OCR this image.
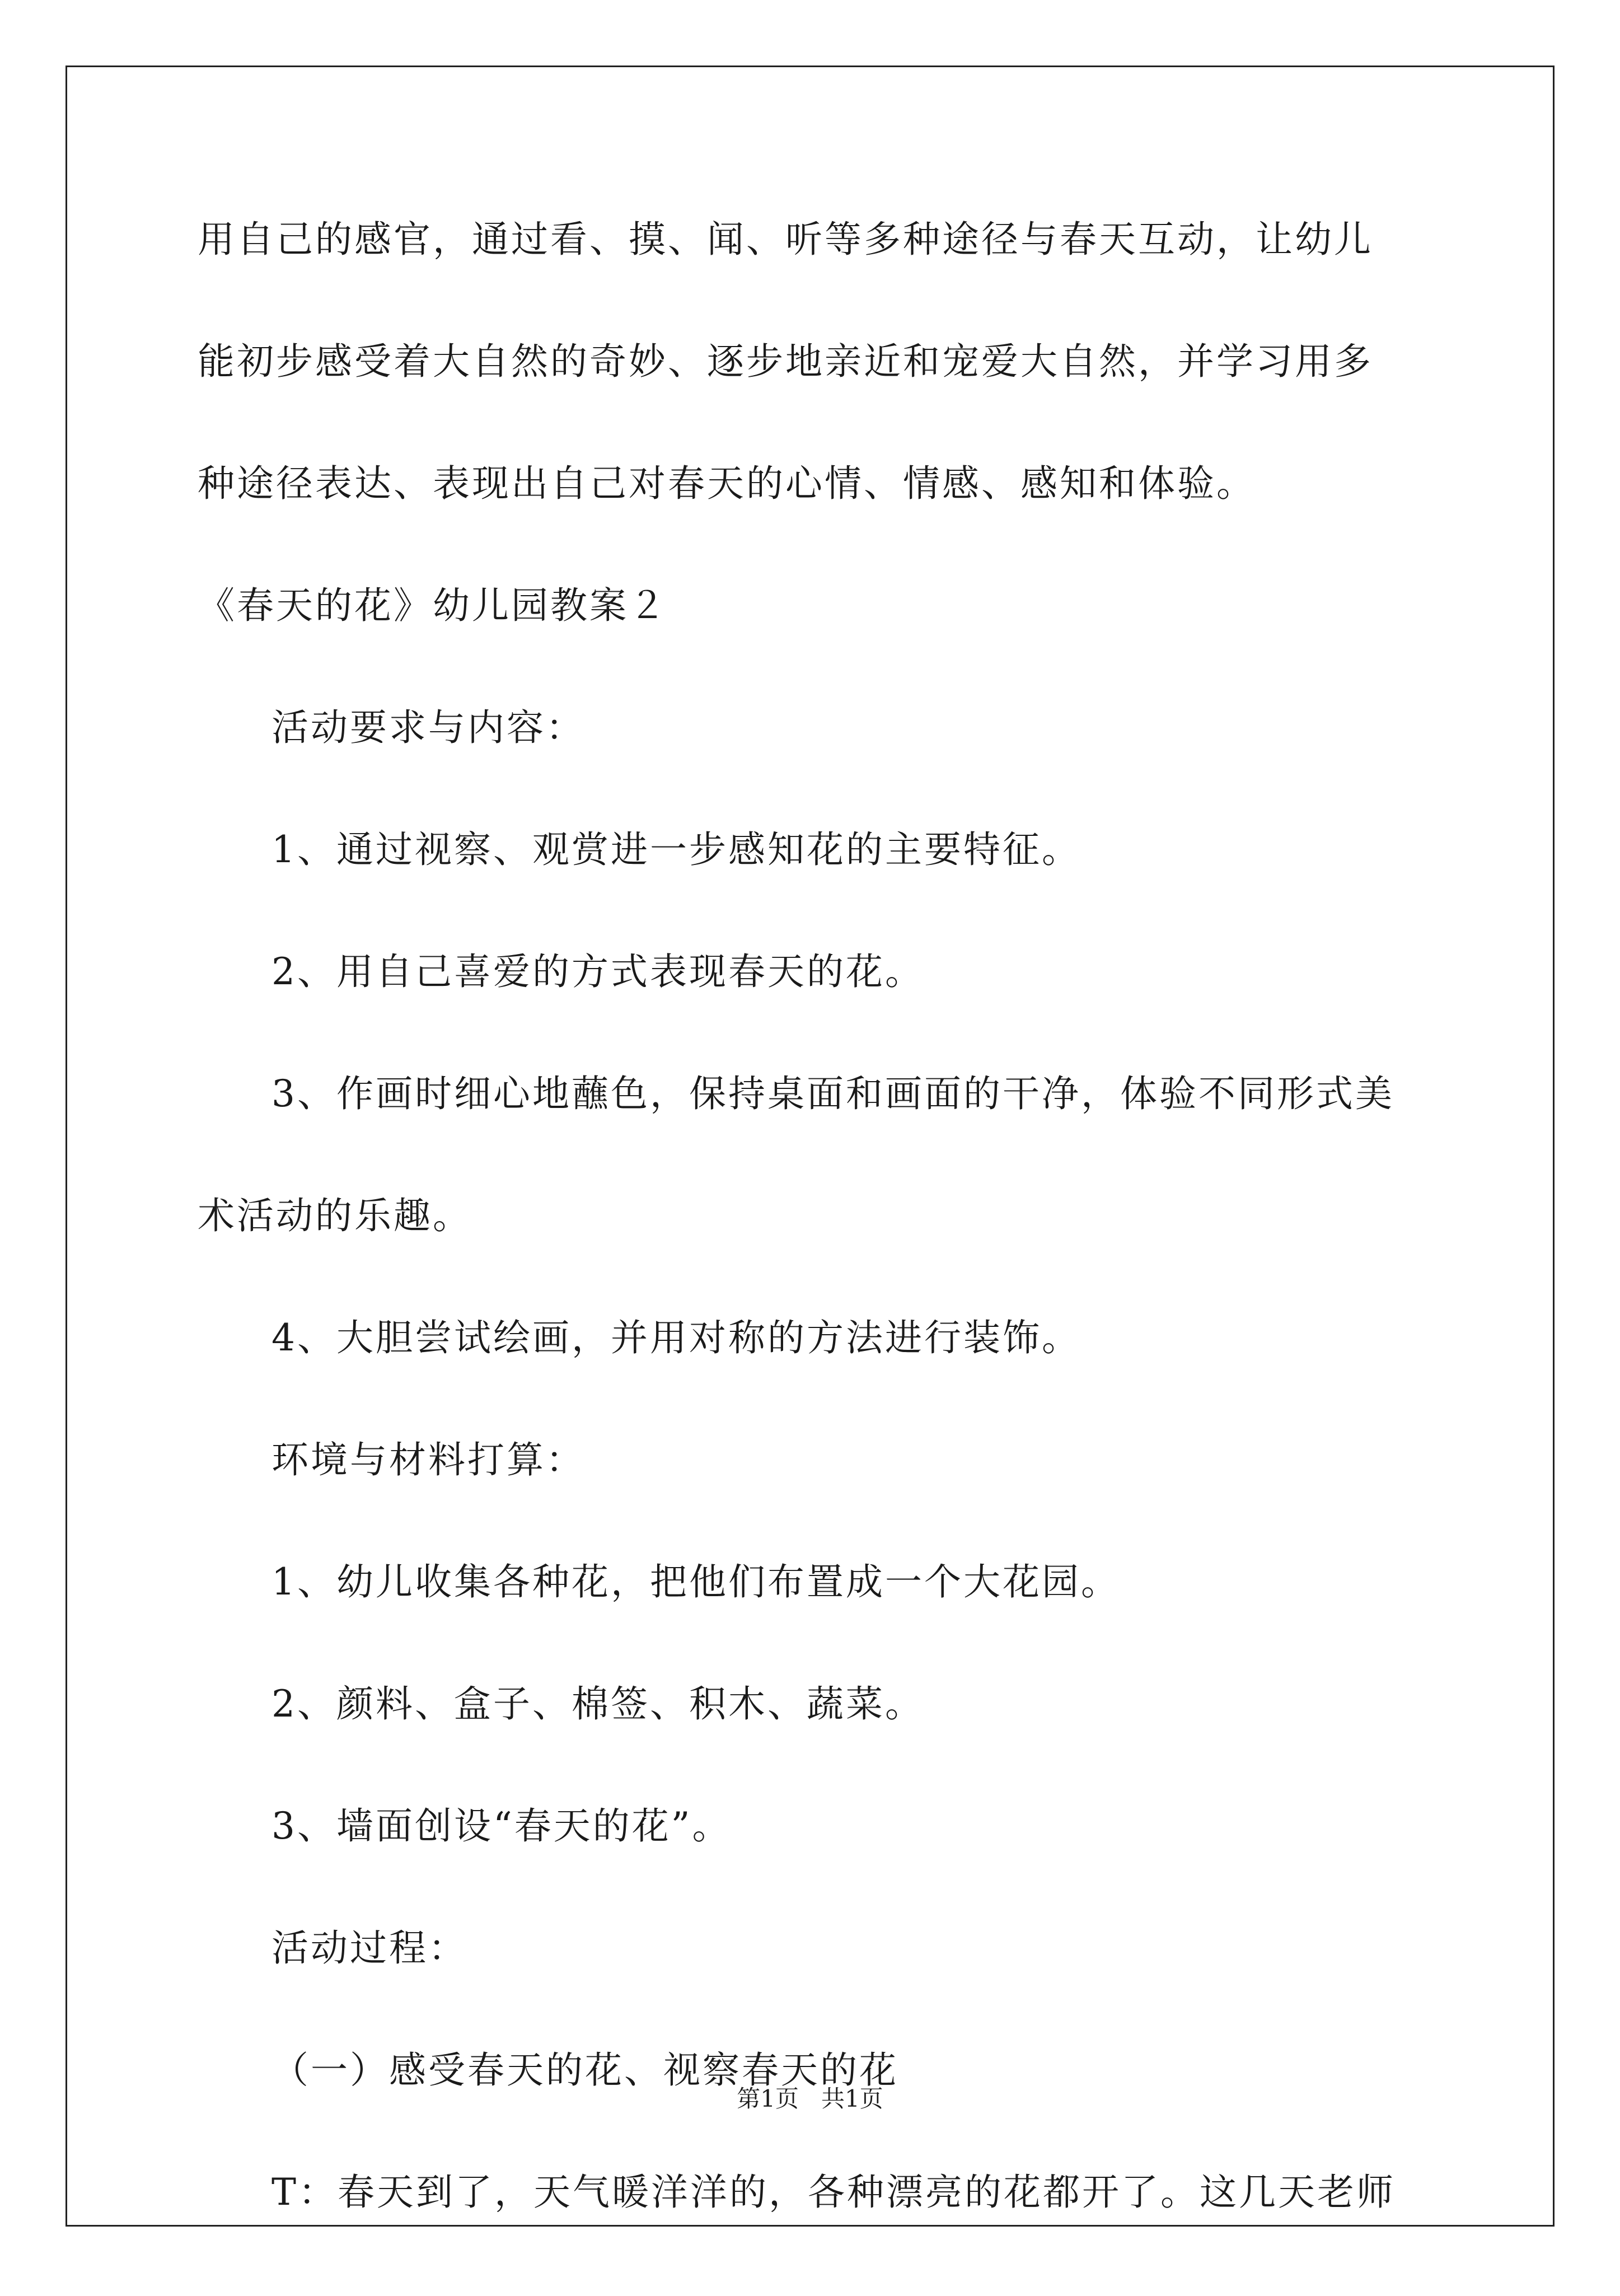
用自己的感官，通过看、摸、闻、听等多种途径与春天互动，让幼儿
能初步感受着大自然的奇妙、逐步地亲近和宠爱大自然，并学习用多
种途径表达、表现出自己对春天的心情、情感、感知和体验。
《春天的花》幼儿园教案２
活动要求与内容：
1、通过视察、观赏进一步感知花的主要特征。
2、用自己喜爱的方式表现春天的花。
3、作画时细心地蘸色，保持桌面和画面的干净，体验不同形式美
术活动的乐趣。
4、大胆尝试绘画，并用对称的方法进行装饰。
环境与材料打算：
1、幼儿收集各种花，把他们布置成一个大花园。
2、颜料、盒子、棉签、积木、蔬菜。
3、墙面创设“春天的花”。
活动过程：
（一）感受春天的花、视察春天的花
T：春天到了，天气暖洋洋的，各种漂亮的花都开了。这几天老师
第1页   共1页
